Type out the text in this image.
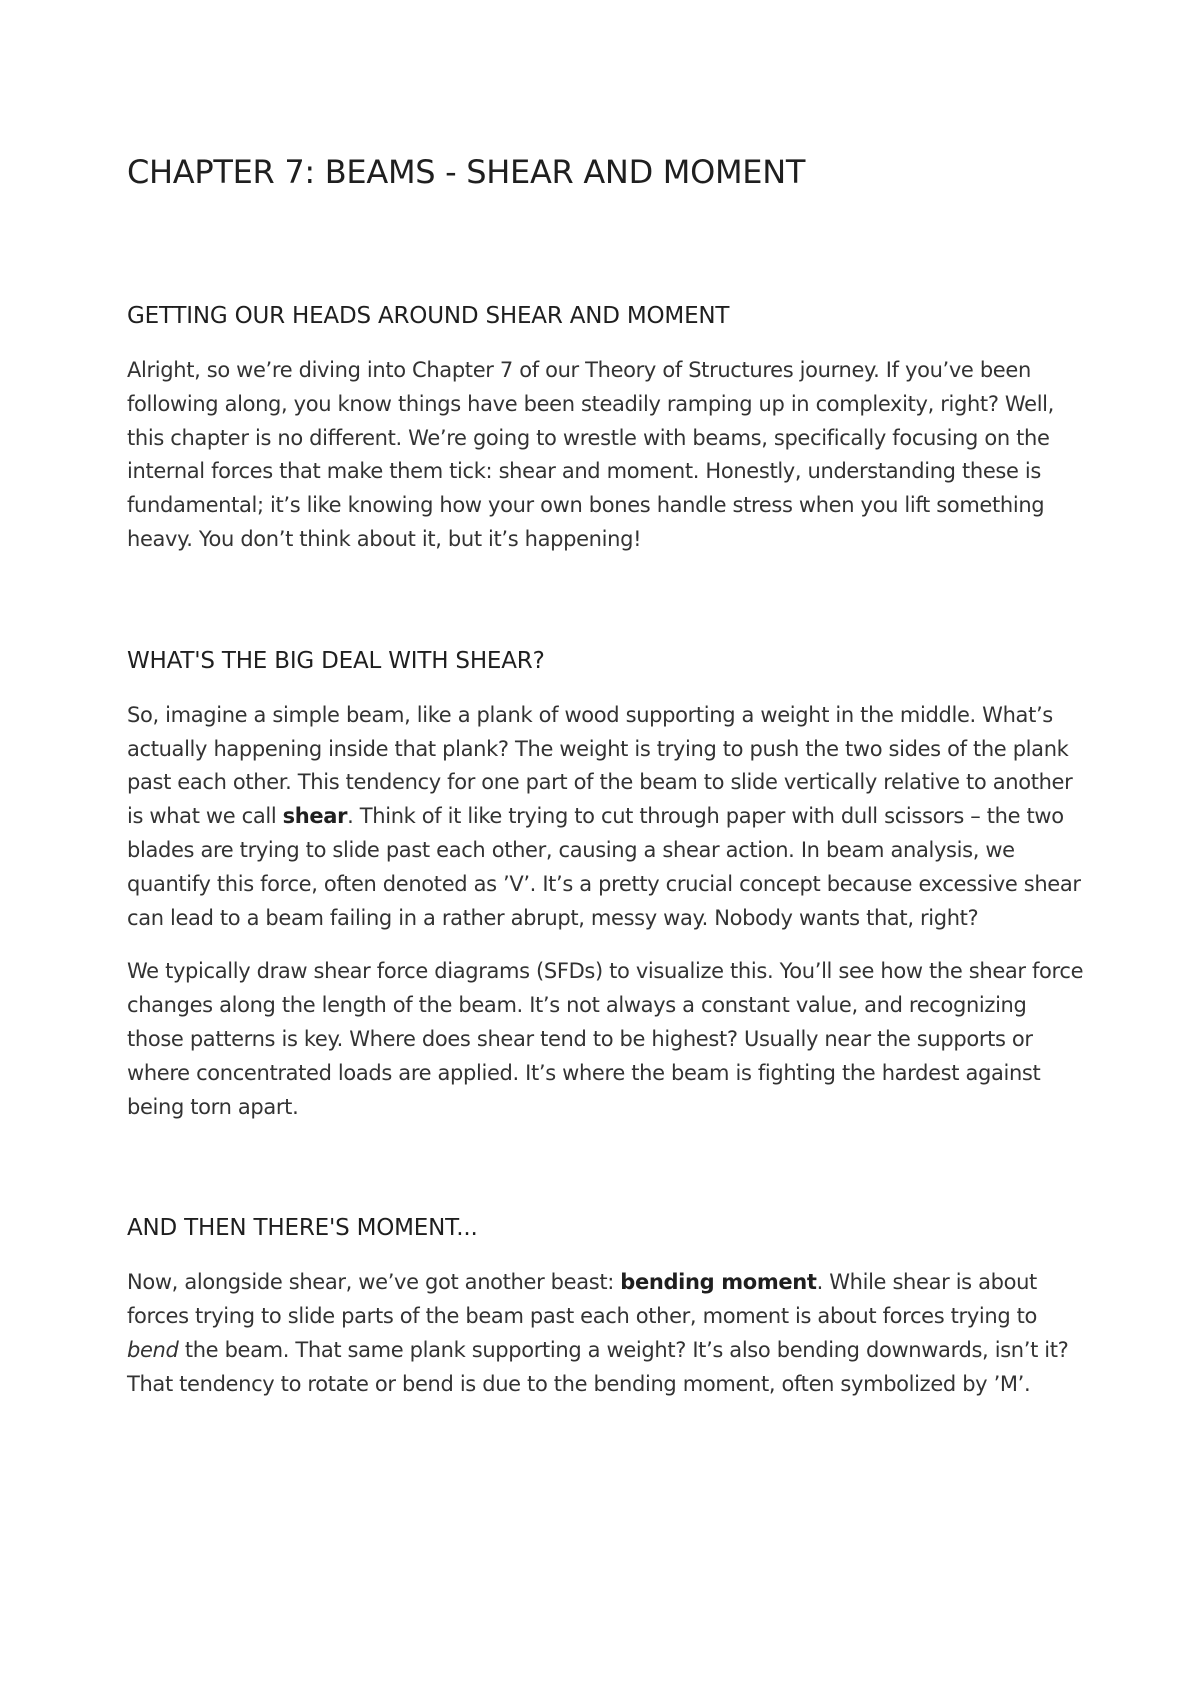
CHAPTER 7: BEAMS - SHEAR AND MOMENT
GETTING OUR HEADS AROUND SHEAR AND MOMENT

Alright, so we’re diving into Chapter 7 of our Theory of Structures journey. If you’ve been following along, you know things have been steadily ramping up in complexity, right? Well, this chapter is no different. We’re going to wrestle with beams, specifically focusing on the internal forces that make them tick: shear and moment. Honestly, understanding these is fundamental; it’s like knowing how your own bones handle stress when you lift something heavy. You don’t think about it, but it’s happening!

WHAT'S THE BIG DEAL WITH SHEAR?

So, imagine a simple beam, like a plank of wood supporting a weight in the middle. What’s actually happening inside that plank? The weight is trying to push the two sides of the plank past each other. This tendency for one part of the beam to slide vertically relative to another is what we call shear. Think of it like trying to cut through paper with dull scissors – the two blades are trying to slide past each other, causing a shear action. In beam analysis, we quantify this force, often denoted as ’V’. It’s a pretty crucial concept because excessive shear can lead to a beam failing in a rather abrupt, messy way. Nobody wants that, right?

We typically draw shear force diagrams (SFDs) to visualize this. You’ll see how the shear force changes along the length of the beam. It’s not always a constant value, and recognizing those patterns is key. Where does shear tend to be highest? Usually near the supports or where concentrated loads are applied. It’s where the beam is fighting the hardest against being torn apart.

AND THEN THERE'S MOMENT...

Now, alongside shear, we’ve got another beast: bending moment. While shear is about forces trying to slide parts of the beam past each other, moment is about forces trying to bend the beam. That same plank supporting a weight? It’s also bending downwards, isn’t it? That tendency to rotate or bend is due to the bending moment, often symbolized by ’M’.
